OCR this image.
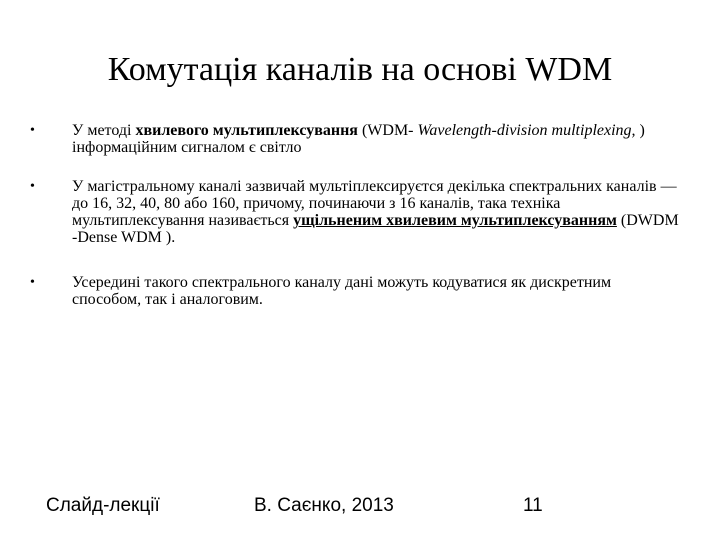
Комутація каналів на основі WDM
•	У методі хвилевого мультиплексування (WDM- Wavelength-division multiplexing, ) інформаційним сигналом є світло
•	У магістральному каналі зазвичай мультіплексируєтся декілька спектральних каналів — до 16, 32, 40, 80 або 160, причому, починаючи з 16 каналів, така техніка мультиплексування називається ущільненим хвилевим мультиплексуванням (DWDM -Dense WDM ).
•	Усередині такого спектрального каналу дані можуть кодуватися як дискретним способом, так і аналоговим.
Слайд-лекції	В. Саєнко, 2013	11
